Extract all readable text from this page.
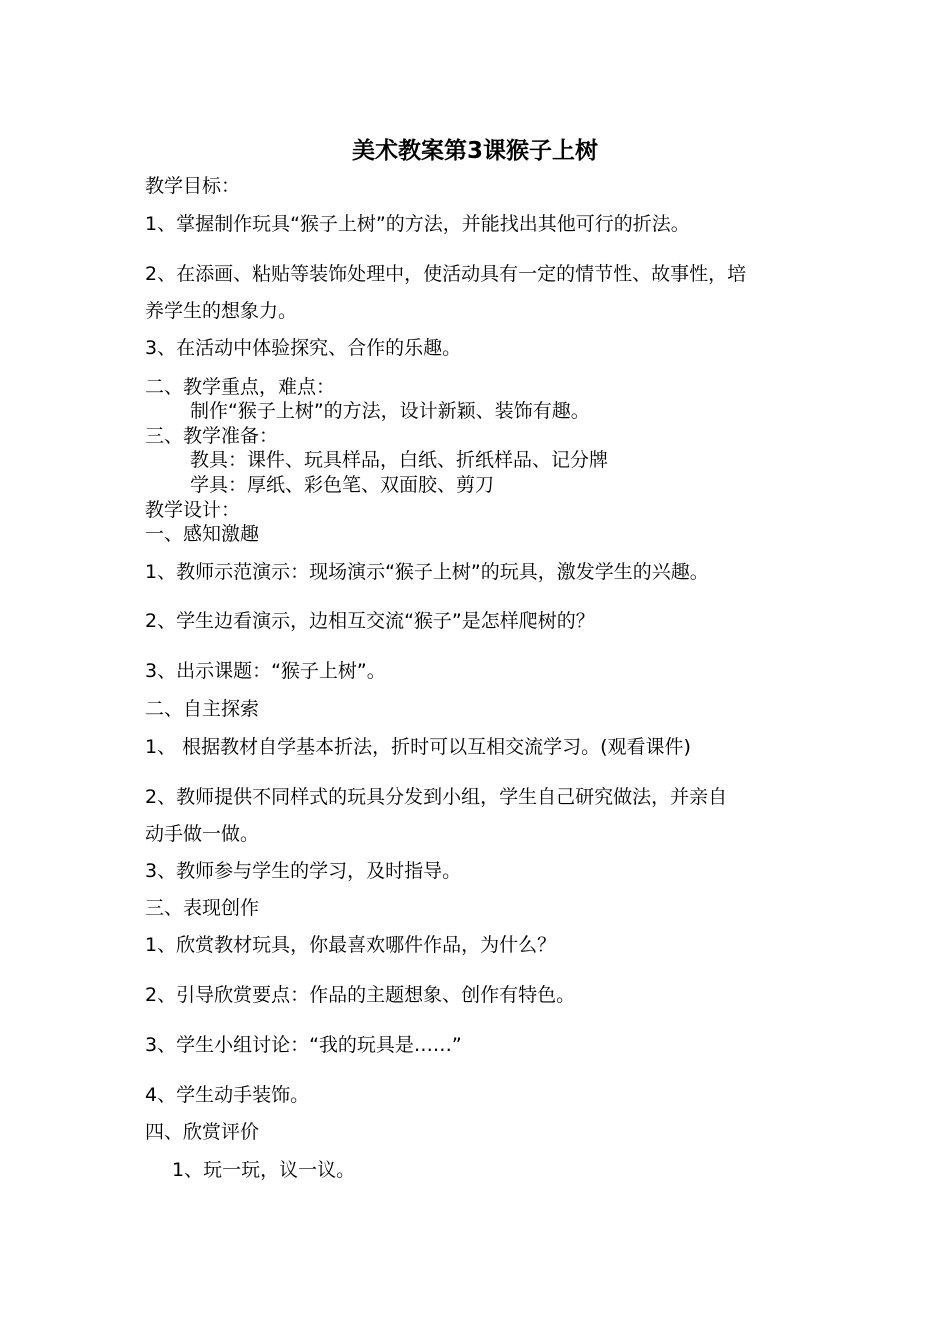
美术教案第3课猴子上树
教学目标：
1、掌握制作玩具“猴子上树”的方法，并能找出其他可行的折法。
2、在添画、粘贴等装饰处理中，使活动具有一定的情节性、故事性，培
养学生的想象力。
3、在活动中体验探究、合作的乐趣。
二、教学重点，难点：
制作“猴子上树”的方法，设计新颖、装饰有趣。
三、教学准备：
教具：课件、玩具样品，白纸、折纸样品、记分牌
学具：厚纸、彩色笔、双面胶、剪刀
教学设计：
一、感知激趣
1、教师示范演示：现场演示“猴子上树”的玩具，激发学生的兴趣。
2、学生边看演示，边相互交流“猴子”是怎样爬树的？
3、出示课题：“猴子上树”。
二、自主探索
1、 根据教材自学基本折法，折时可以互相交流学习。(观看课件)
2、教师提供不同样式的玩具分发到小组，学生自己研究做法，并亲自
动手做一做。
3、教师参与学生的学习，及时指导。
三、表现创作
1、欣赏教材玩具，你最喜欢哪件作品，为什么？
2、引导欣赏要点：作品的主题想象、创作有特色。
3、学生小组讨论：“我的玩具是……”
4、学生动手装饰。
四、欣赏评价
1、玩一玩，议一议。
